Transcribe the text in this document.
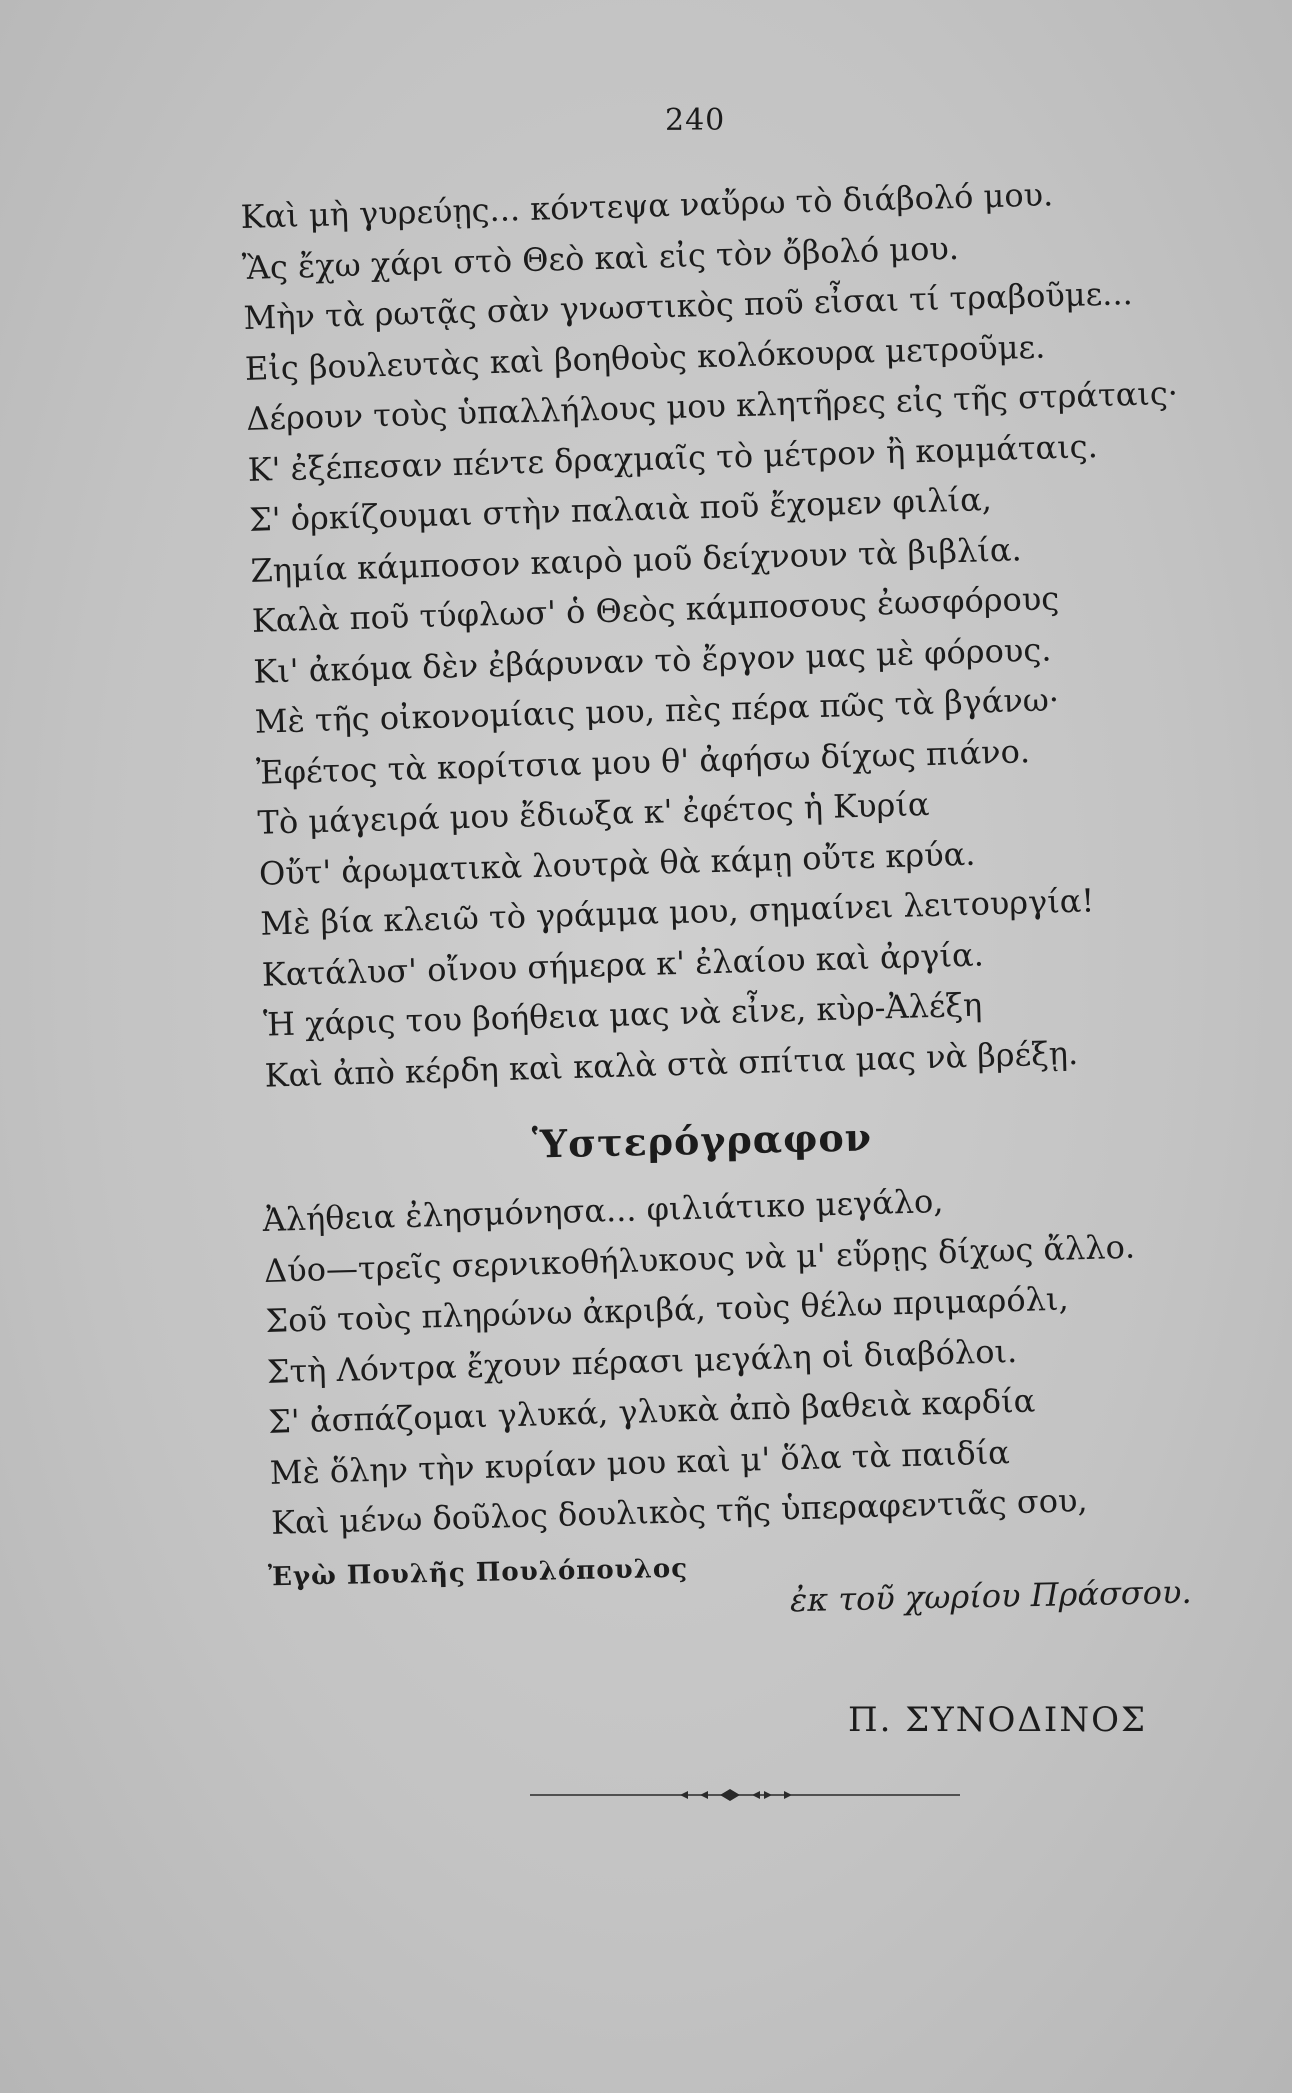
240
Καὶ μὴ γυρεύῃς... κόντεψα ναὔρω τὸ διάβολό μου.
Ἂς ἔχω χάρι στὸ Θεὸ καὶ εἰς τὸν ὄβολό μου.
Μὴν τὰ ρωτᾷς σὰν γνωστικὸς ποῦ εἶσαι τί τραβοῦμε...
Εἰς βουλευτὰς καὶ βοηθοὺς κολόκουρα μετροῦμε.
Δέρουν τοὺς ὑπαλλήλους μου κλητῆρες εἰς τῆς στράταις·
Κ' ἐξέπεσαν πέντε δραχμαῖς τὸ μέτρον ἢ κομμάταις.
Σ' ὁρκίζουμαι στὴν παλαιὰ ποῦ ἔχομεν φιλία,
Ζημία κάμποσον καιρὸ μοῦ δείχνουν τὰ βιβλία.
Καλὰ ποῦ τύφλωσ' ὁ Θεὸς κάμποσους ἐωσφόρους
Κι' ἀκόμα δὲν ἐβάρυναν τὸ ἔργον μας μὲ φόρους.
Μὲ τῆς οἰκονομίαις μου, πὲς πέρα πῶς τὰ βγάνω·
Ἐφέτος τὰ κορίτσια μου θ' ἀφήσω δίχως πιάνο.
Τὸ μάγειρά μου ἔδιωξα κ' ἐφέτος ἡ Κυρία
Οὔτ' ἀρωματικὰ λουτρὰ θὰ κάμῃ οὔτε κρύα.
Μὲ βία κλειῶ τὸ γράμμα μου, σημαίνει λειτουργία!
Κατάλυσ' οἴνου σήμερα κ' ἐλαίου καὶ ἀργία.
Ἡ χάρις του βοήθεια μας νὰ εἶνε, κὺρ-Ἀλέξη
Καὶ ἀπὸ κέρδη καὶ καλὰ στὰ σπίτια μας νὰ βρέξῃ.
Ὑστερόγραφον
Ἀλήθεια ἐλησμόνησα... φιλιάτικο μεγάλο,
Δύο—τρεῖς σερνικοθήλυκους νὰ μ' εὕρῃς δίχως ἄλλο.
Σοῦ τοὺς πληρώνω ἀκριβά, τοὺς θέλω πριμαρόλι,
Στὴ Λόντρα ἔχουν πέρασι μεγάλη οἱ διαβόλοι.
Σ' ἀσπάζομαι γλυκά, γλυκὰ ἀπὸ βαθειὰ καρδία
Μὲ ὅλην τὴν κυρίαν μου καὶ μ' ὅλα τὰ παιδία
Καὶ μένω δοῦλος δουλικὸς τῆς ὑπεραφεντιᾶς σου,
Ἐγὼ Πουλῆς Πουλόπουλος	ἐκ τοῦ χωρίου Πράσσου.
Π. ΣΥΝΟΔΙΝΟΣ
